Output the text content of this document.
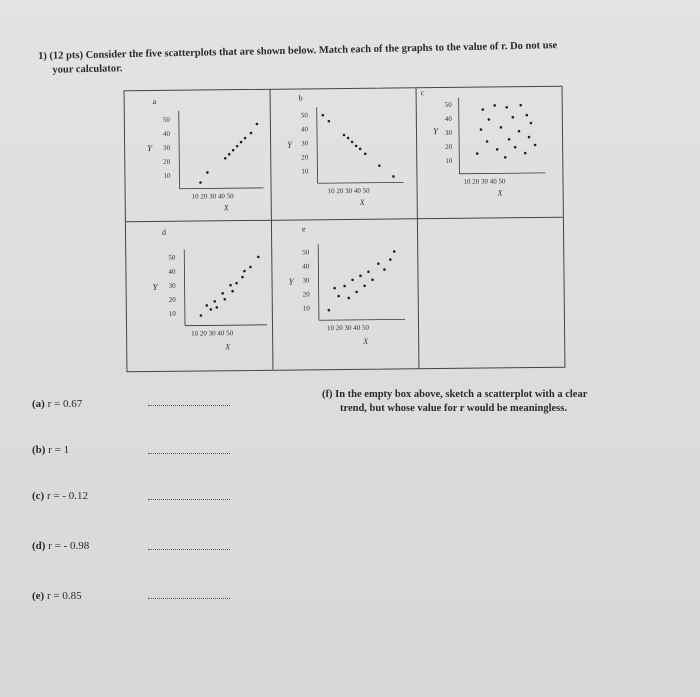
1) (12 pts) Consider the five scatterplots that are shown below. Match each of the graphs to the value of r. Do not use
your calculator.
a
Y
50
40
30
20
10
10 20 30 40 50
X
b
Y
50
40
30
20
10
10 20 30 40 50
X
c
Y
50
40
30
20
10
10 20 30 40 50
X
d
Y
50
40
30
20
10
10 20 30 40 50
X
e
Y
50
40
30
20
10
10 20 30 40 50
X
(a) r = 0.67
(b) r = 1
(c) r = - 0.12
(d) r = - 0.98
(e) r = 0.85
(f) In the empty box above, sketch a scatterplot with a clear
trend, but whose value for r would be meaningless.
